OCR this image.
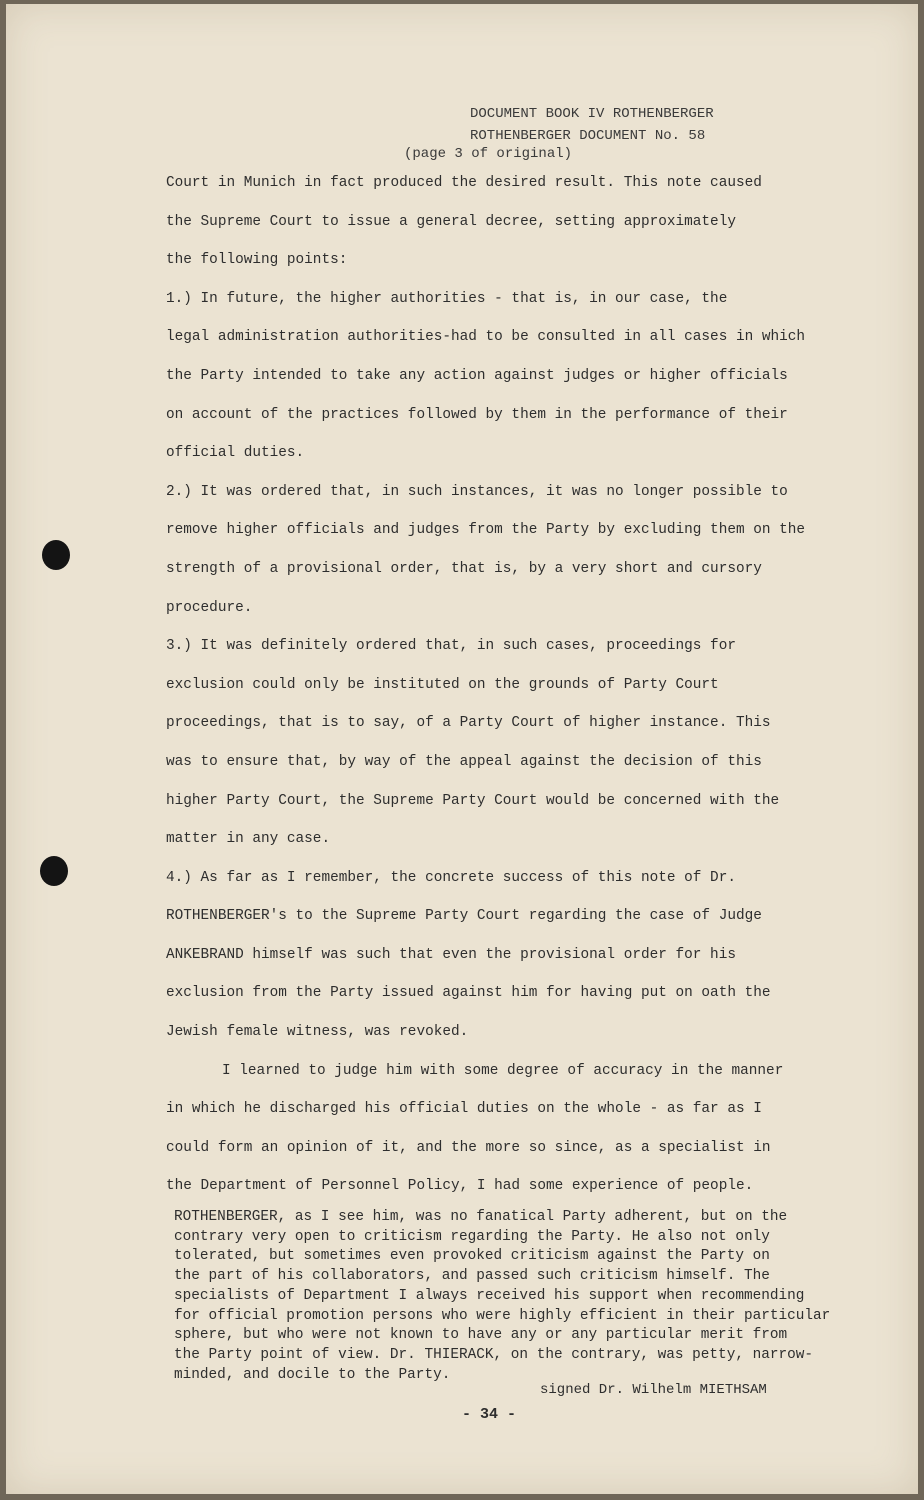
DOCUMENT BOOK IV ROTHENBERGER
ROTHENBERGER DOCUMENT No. 58
(page 3 of original)
Court in Munich in fact produced the desired result. This note caused
the Supreme Court to issue a general decree, setting approximately
the following points:
1.) In future, the higher authorities - that is, in our case, the
legal administration authorities-had to be consulted in all cases in which
the Party intended to take any action against judges or higher officials
on account of the practices followed by them in the performance of their
official duties.
2.) It was ordered that, in such instances, it was no longer possible to
remove higher officials and judges from the Party by excluding them on the
strength of a provisional order, that is, by a very short and cursory
procedure.
3.) It was definitely ordered that, in such cases, proceedings for
exclusion could only be instituted on the grounds of Party Court
proceedings, that is to say, of a Party Court of higher instance. This
was to ensure that, by way of the appeal against the decision of this
higher Party Court, the Supreme Party Court would be concerned with the
matter in any case.
4.) As far as I remember, the concrete success of this note of Dr.
ROTHENBERGER's to the Supreme Party Court regarding the case of Judge
ANKEBRAND himself was such that even the provisional order for his
exclusion from the Party issued against him for having put on oath the
Jewish female witness, was revoked.
I learned to judge him with some degree of accuracy in the manner
in which he discharged his official duties on the whole - as far as I
could form an opinion of it, and the more so since, as a specialist in
the Department of Personnel Policy, I had some experience of people.
ROTHENBERGER, as I see him, was no fanatical Party adherent, but on the
contrary very open to criticism regarding the Party. He also not only
tolerated, but sometimes even provoked criticism against the Party on
the part of his collaborators, and passed such criticism himself. The
specialists of Department I always received his support when recommending
for official promotion persons who were highly efficient in their particular
sphere, but who were not known to have any or any particular merit from
the Party point of view. Dr. THIERACK, on the contrary, was petty, narrow-
minded, and docile to the Party.
signed Dr. Wilhelm MIETHSAM
- 34 -
